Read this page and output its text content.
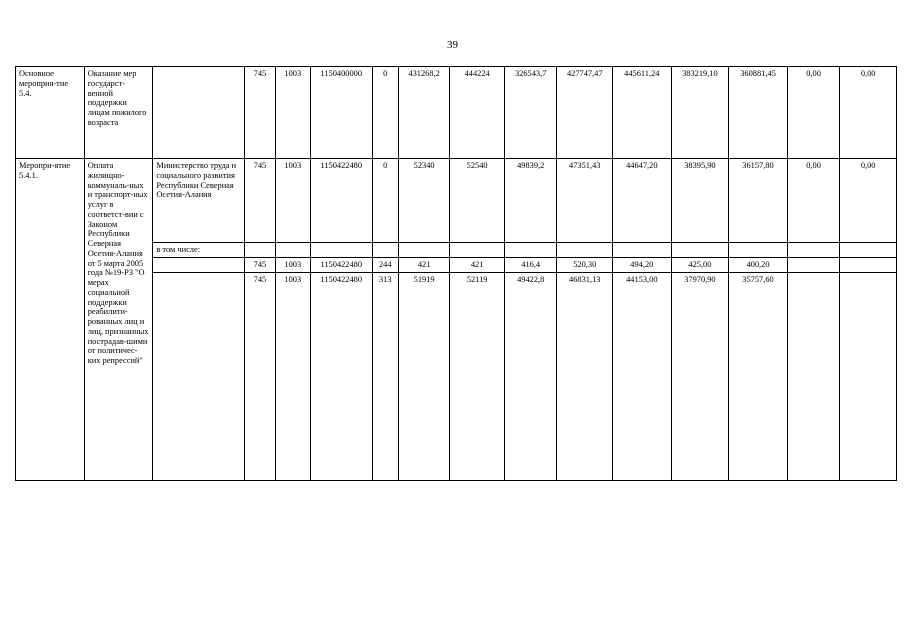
39
Основное мероприя-тие 5.4.	Оказание мер государст-венной поддержки лицам пожилого возраста		745	1003	1150400000	0	431268,2	444224	326543,7	427747,47	445611,24	383219,10	360881,45	0,00	0,00
Меропри-ятие 5.4.1.	Оплата жилищно-коммуналь-ных и транспорт-ных услуг в соответст-вии с Законом Республики Северная Осетия-Алания от 5 марта 2005 года №19-РЗ "О мерах социальной поддержки реабилити-рованных лиц и лиц, признанных пострадав-шими от политичес-ких репрессий"	Министерство труда и социального развития Республики Северная Осетия-Алания	745	1003	1150422480	0	52340	52540	49839,2	47351,43	44647,20	38395,90	36157,80	0,00	0,00
		в том числе:													
			745	1003	1150422480	244	421	421	416,4	520,30	494,20	425,00	400,20		
			745	1003	1150422480	313	51919	52119	49422,8	46831,13	44153,00	37970,90	35757,60		
